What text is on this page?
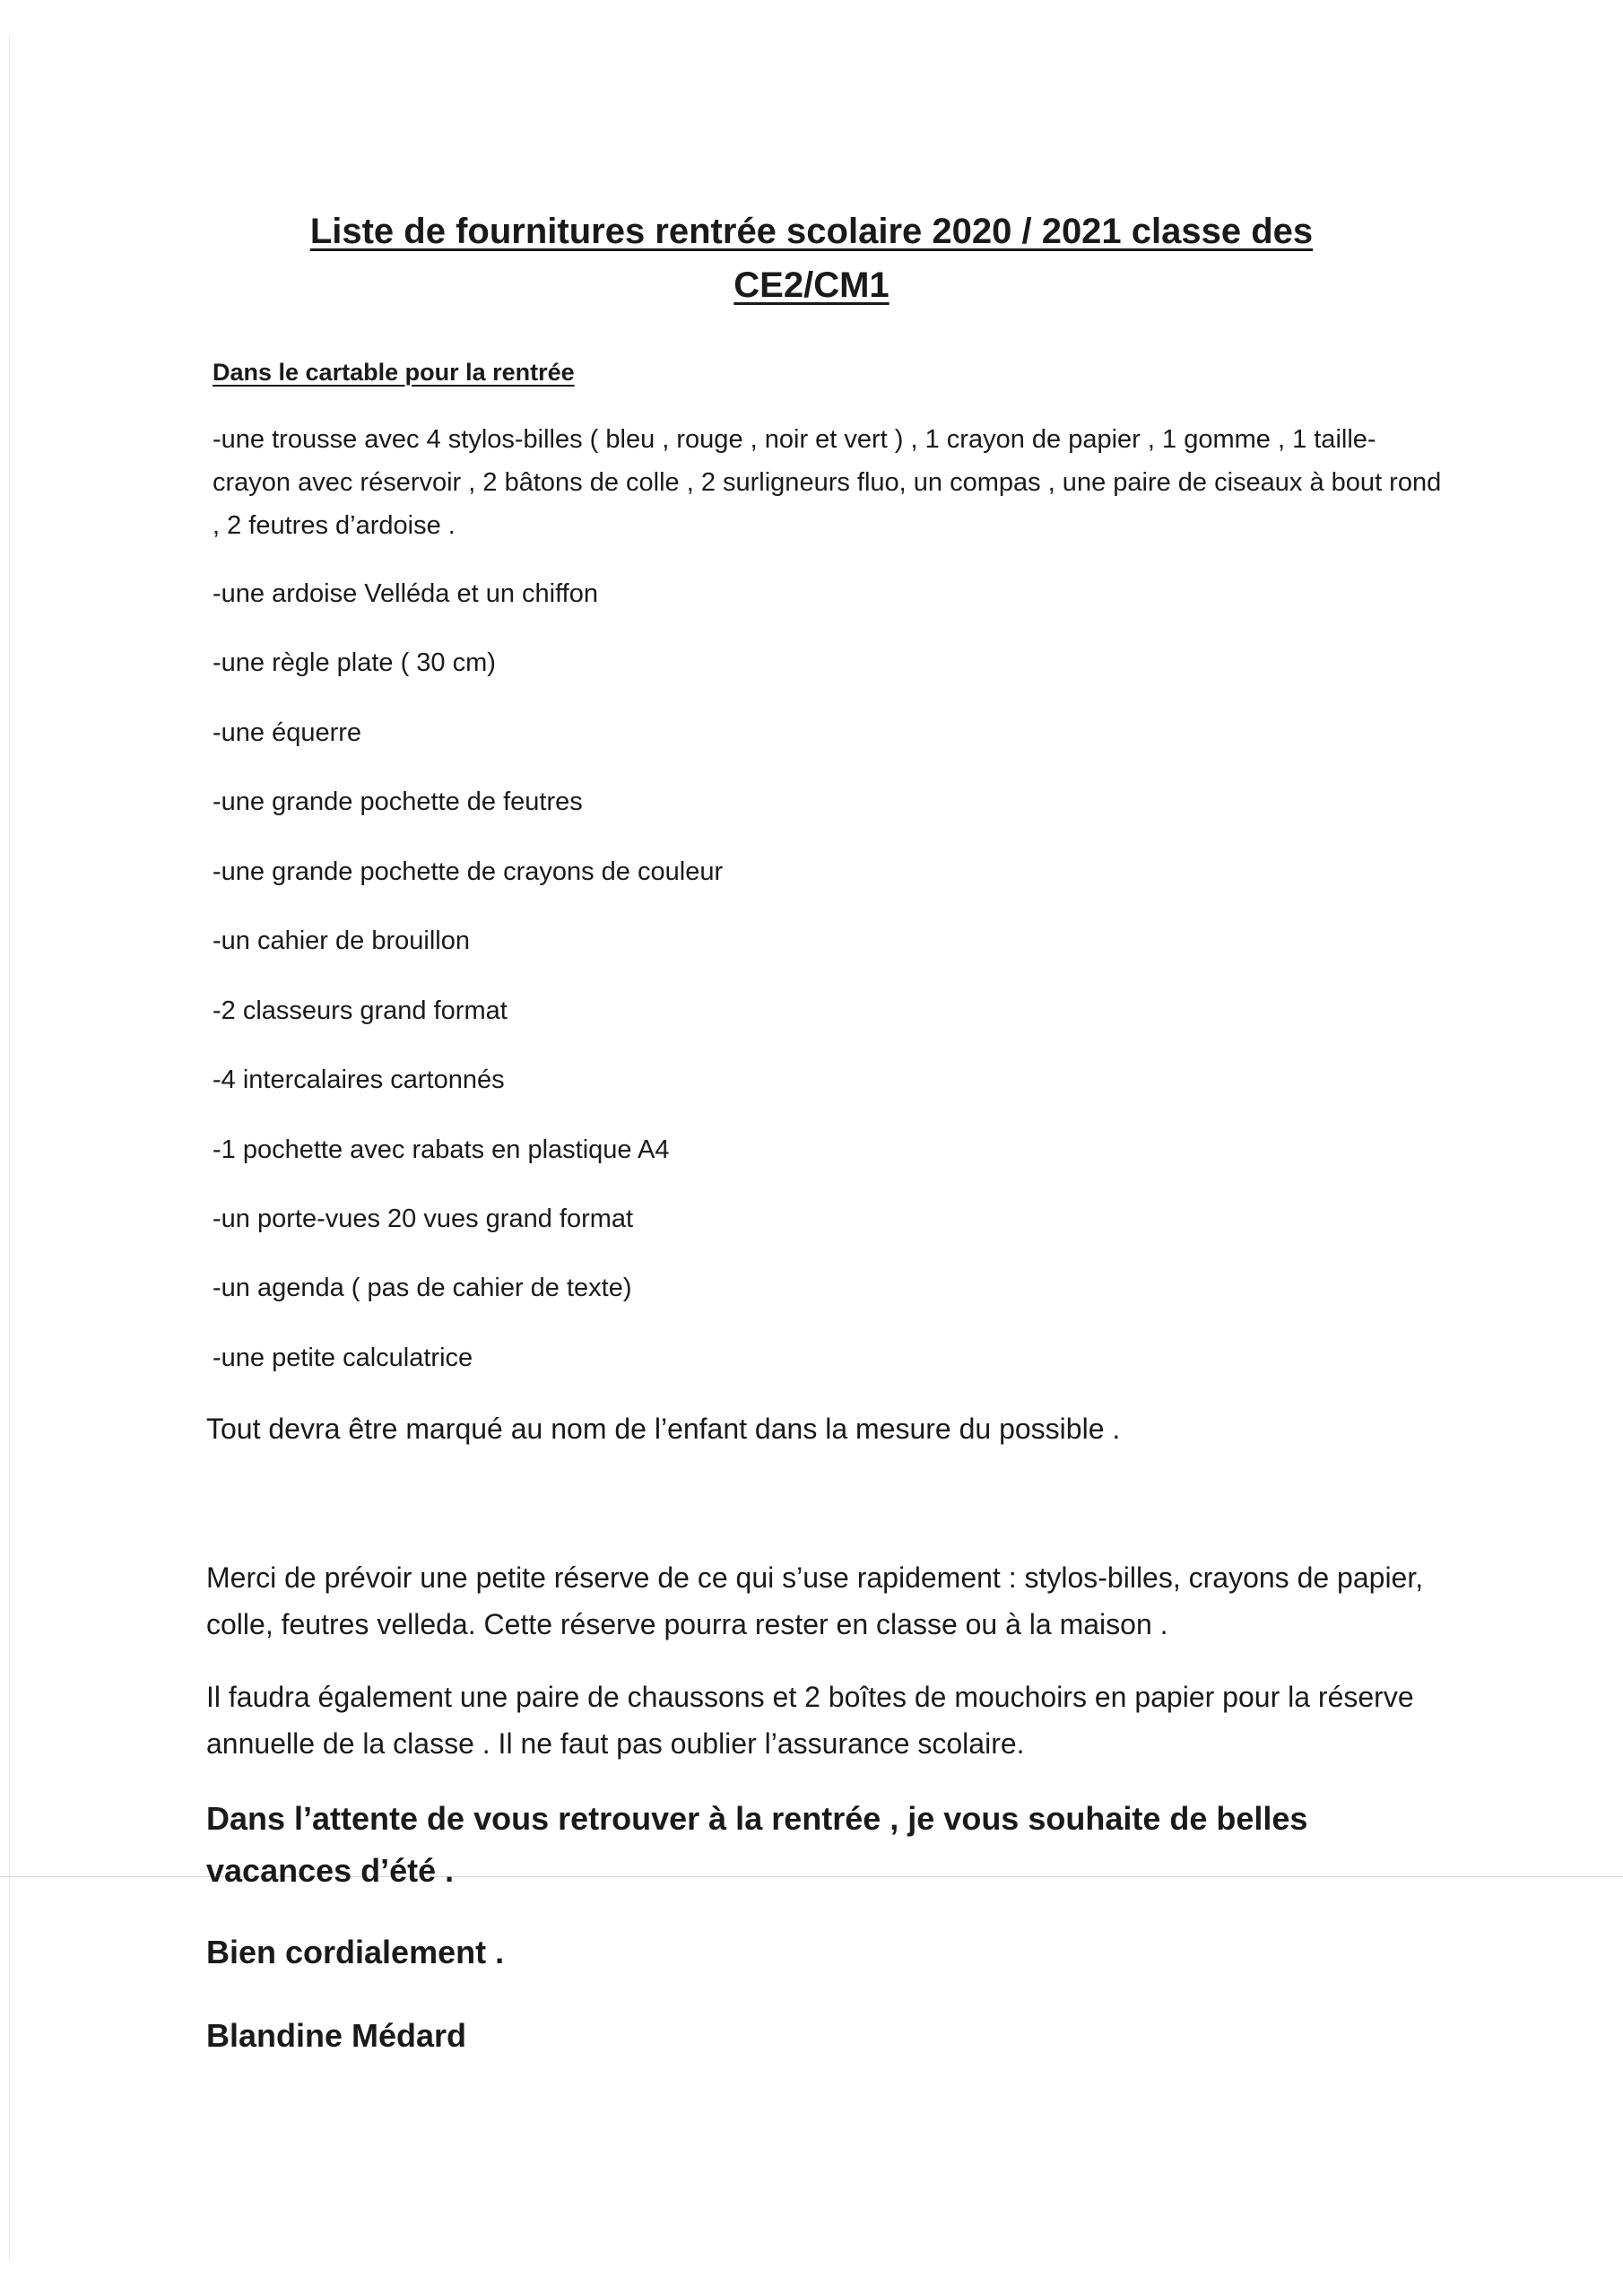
Liste de fournitures rentrée scolaire 2020 / 2021 classe des
CE2/CM1
Dans le cartable pour la rentrée
-une trousse avec 4 stylos-billes ( bleu , rouge , noir et vert ) , 1 crayon de papier , 1 gomme , 1 taille-crayon avec réservoir , 2 bâtons de colle , 2 surligneurs fluo, un compas , une paire de ciseaux à bout rond , 2 feutres d’ardoise .
-une ardoise Velléda et un chiffon
-une règle plate ( 30 cm)
-une équerre
-une grande pochette de feutres
-une grande pochette de crayons de couleur
-un cahier de brouillon
-2 classeurs grand format
-4 intercalaires cartonnés
-1 pochette avec rabats en plastique A4
-un porte-vues 20 vues grand format
-un agenda ( pas de cahier de texte)
-une petite calculatrice
Tout devra être marqué au nom de l’enfant dans la mesure du possible .
Merci de prévoir une petite réserve de ce qui s’use rapidement : stylos-billes, crayons de papier, colle, feutres velleda. Cette réserve pourra rester en classe ou à la maison .
Il faudra également une paire de chaussons et 2 boîtes de mouchoirs en papier pour la réserve annuelle de la classe . Il ne faut pas oublier l’assurance scolaire.
Dans l’attente de vous retrouver à la rentrée , je vous souhaite de belles vacances d’été .
Bien cordialement .
Blandine Médard
